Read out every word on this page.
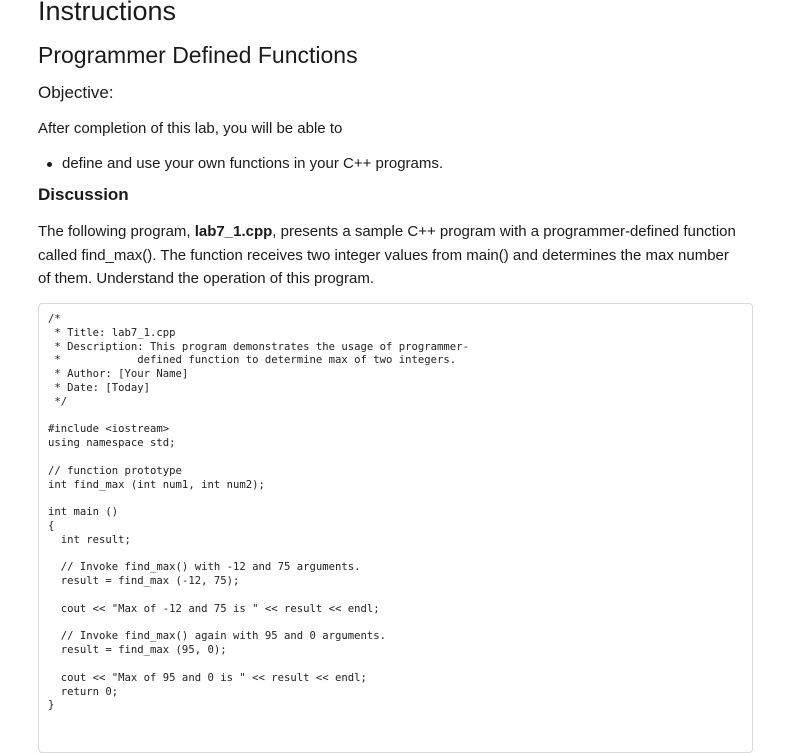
Instructions
Programmer Defined Functions
Objective:

After completion of this lab, you will be able to

define and use your own functions in your C++ programs.
Discussion

The following program, lab7_1.cpp, presents a sample C++ program with a programmer-defined function called find_max(). The function receives two integer values from main() and determines the max number of them. Understand the operation of this program.

/*
* Title: lab7_1.cpp
* Description: This program demonstrates the usage of programmer-
*            defined function to determine max of two integers.
* Author: [Your Name]
* Date: [Today]
*/

#include <iostream>
using namespace std;

// function prototype
int find_max (int num1, int num2);

int main ()
{
int result;

// Invoke find_max() with -12 and 75 arguments.
result = find_max (-12, 75);

cout << "Max of -12 and 75 is " << result << endl;

// Invoke find_max() again with 95 and 0 arguments.
result = find_max (95, 0);

cout << "Max of 95 and 0 is " << result << endl;
return 0;
}
